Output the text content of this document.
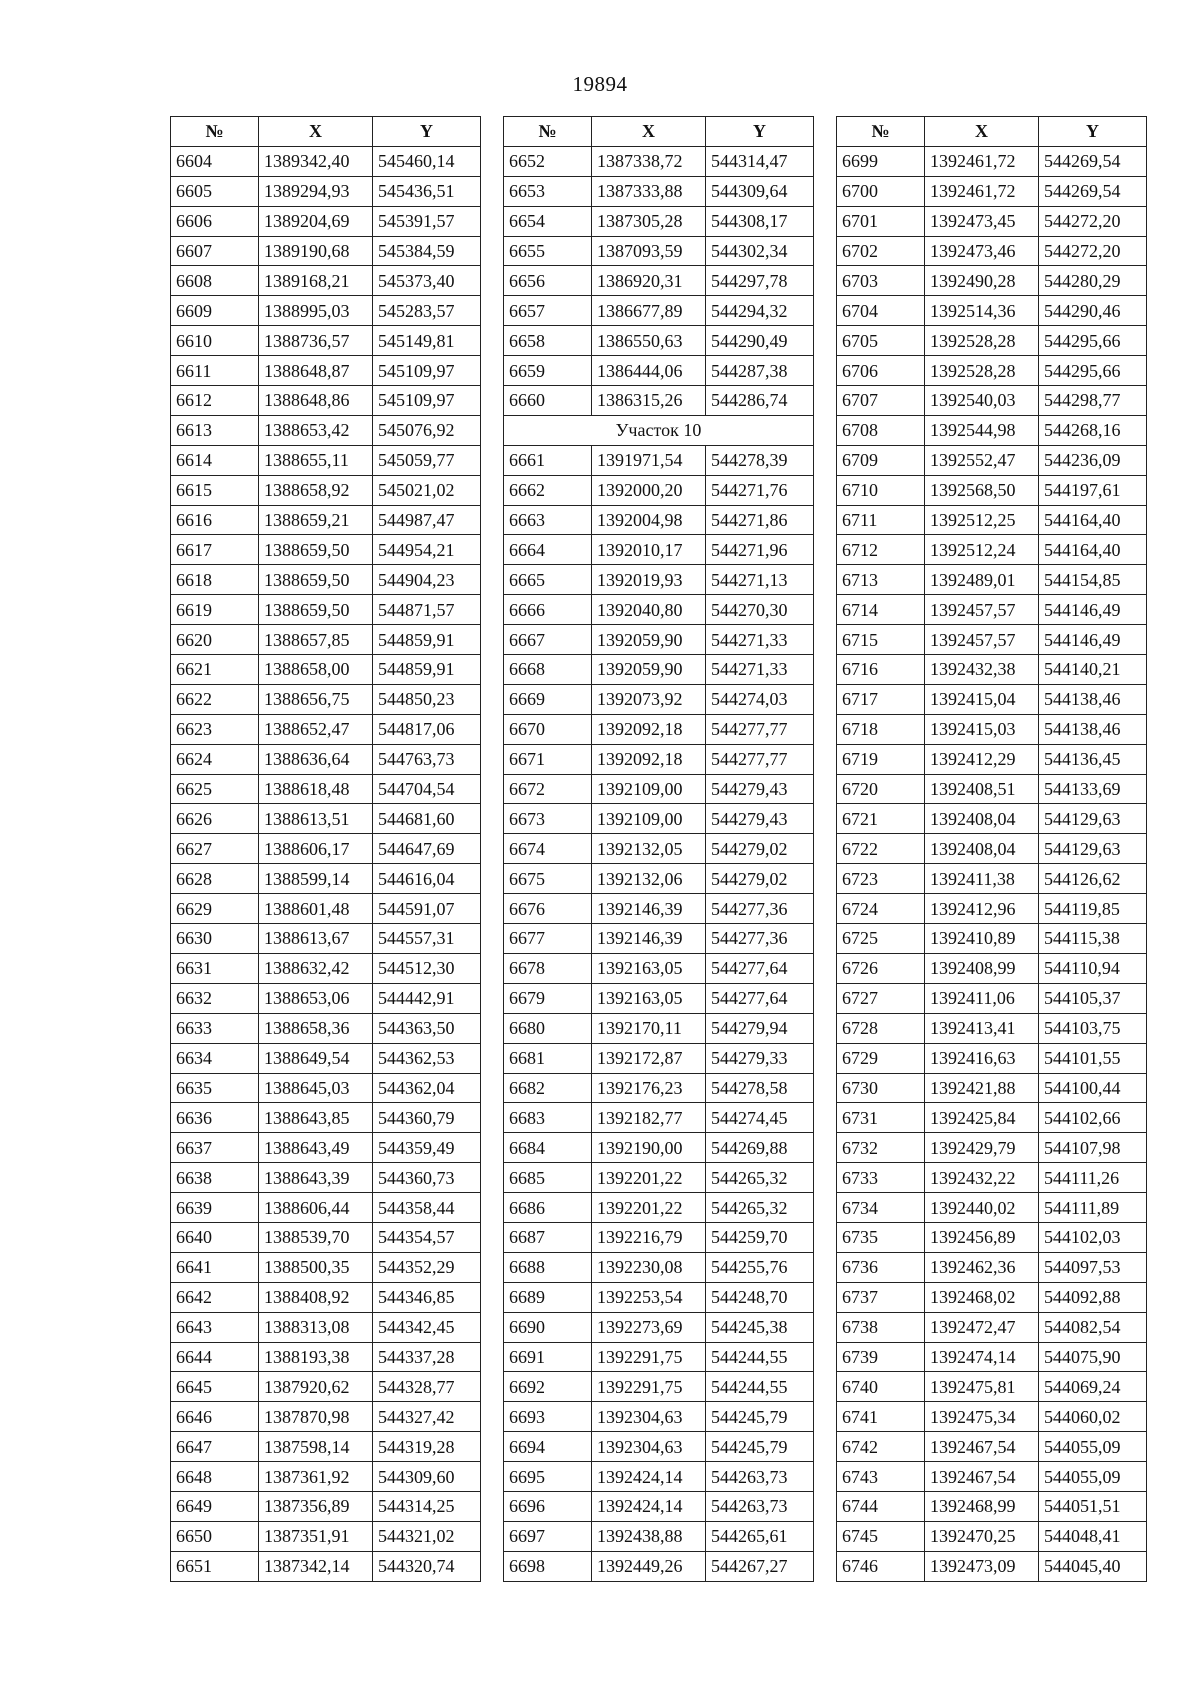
19894
№	X	Y
6604	1389342,40	545460,14
6605	1389294,93	545436,51
6606	1389204,69	545391,57
6607	1389190,68	545384,59
6608	1389168,21	545373,40
6609	1388995,03	545283,57
6610	1388736,57	545149,81
6611	1388648,87	545109,97
6612	1388648,86	545109,97
6613	1388653,42	545076,92
6614	1388655,11	545059,77
6615	1388658,92	545021,02
6616	1388659,21	544987,47
6617	1388659,50	544954,21
6618	1388659,50	544904,23
6619	1388659,50	544871,57
6620	1388657,85	544859,91
6621	1388658,00	544859,91
6622	1388656,75	544850,23
6623	1388652,47	544817,06
6624	1388636,64	544763,73
6625	1388618,48	544704,54
6626	1388613,51	544681,60
6627	1388606,17	544647,69
6628	1388599,14	544616,04
6629	1388601,48	544591,07
6630	1388613,67	544557,31
6631	1388632,42	544512,30
6632	1388653,06	544442,91
6633	1388658,36	544363,50
6634	1388649,54	544362,53
6635	1388645,03	544362,04
6636	1388643,85	544360,79
6637	1388643,49	544359,49
6638	1388643,39	544360,73
6639	1388606,44	544358,44
6640	1388539,70	544354,57
6641	1388500,35	544352,29
6642	1388408,92	544346,85
6643	1388313,08	544342,45
6644	1388193,38	544337,28
6645	1387920,62	544328,77
6646	1387870,98	544327,42
6647	1387598,14	544319,28
6648	1387361,92	544309,60
6649	1387356,89	544314,25
6650	1387351,91	544321,02
6651	1387342,14	544320,74
№	X	Y
6652	1387338,72	544314,47
6653	1387333,88	544309,64
6654	1387305,28	544308,17
6655	1387093,59	544302,34
6656	1386920,31	544297,78
6657	1386677,89	544294,32
6658	1386550,63	544290,49
6659	1386444,06	544287,38
6660	1386315,26	544286,74
Участок 10		
6661	1391971,54	544278,39
6662	1392000,20	544271,76
6663	1392004,98	544271,86
6664	1392010,17	544271,96
6665	1392019,93	544271,13
6666	1392040,80	544270,30
6667	1392059,90	544271,33
6668	1392059,90	544271,33
6669	1392073,92	544274,03
6670	1392092,18	544277,77
6671	1392092,18	544277,77
6672	1392109,00	544279,43
6673	1392109,00	544279,43
6674	1392132,05	544279,02
6675	1392132,06	544279,02
6676	1392146,39	544277,36
6677	1392146,39	544277,36
6678	1392163,05	544277,64
6679	1392163,05	544277,64
6680	1392170,11	544279,94
6681	1392172,87	544279,33
6682	1392176,23	544278,58
6683	1392182,77	544274,45
6684	1392190,00	544269,88
6685	1392201,22	544265,32
6686	1392201,22	544265,32
6687	1392216,79	544259,70
6688	1392230,08	544255,76
6689	1392253,54	544248,70
6690	1392273,69	544245,38
6691	1392291,75	544244,55
6692	1392291,75	544244,55
6693	1392304,63	544245,79
6694	1392304,63	544245,79
6695	1392424,14	544263,73
6696	1392424,14	544263,73
6697	1392438,88	544265,61
6698	1392449,26	544267,27
№	X	Y
6699	1392461,72	544269,54
6700	1392461,72	544269,54
6701	1392473,45	544272,20
6702	1392473,46	544272,20
6703	1392490,28	544280,29
6704	1392514,36	544290,46
6705	1392528,28	544295,66
6706	1392528,28	544295,66
6707	1392540,03	544298,77
6708	1392544,98	544268,16
6709	1392552,47	544236,09
6710	1392568,50	544197,61
6711	1392512,25	544164,40
6712	1392512,24	544164,40
6713	1392489,01	544154,85
6714	1392457,57	544146,49
6715	1392457,57	544146,49
6716	1392432,38	544140,21
6717	1392415,04	544138,46
6718	1392415,03	544138,46
6719	1392412,29	544136,45
6720	1392408,51	544133,69
6721	1392408,04	544129,63
6722	1392408,04	544129,63
6723	1392411,38	544126,62
6724	1392412,96	544119,85
6725	1392410,89	544115,38
6726	1392408,99	544110,94
6727	1392411,06	544105,37
6728	1392413,41	544103,75
6729	1392416,63	544101,55
6730	1392421,88	544100,44
6731	1392425,84	544102,66
6732	1392429,79	544107,98
6733	1392432,22	544111,26
6734	1392440,02	544111,89
6735	1392456,89	544102,03
6736	1392462,36	544097,53
6737	1392468,02	544092,88
6738	1392472,47	544082,54
6739	1392474,14	544075,90
6740	1392475,81	544069,24
6741	1392475,34	544060,02
6742	1392467,54	544055,09
6743	1392467,54	544055,09
6744	1392468,99	544051,51
6745	1392470,25	544048,41
6746	1392473,09	544045,40
